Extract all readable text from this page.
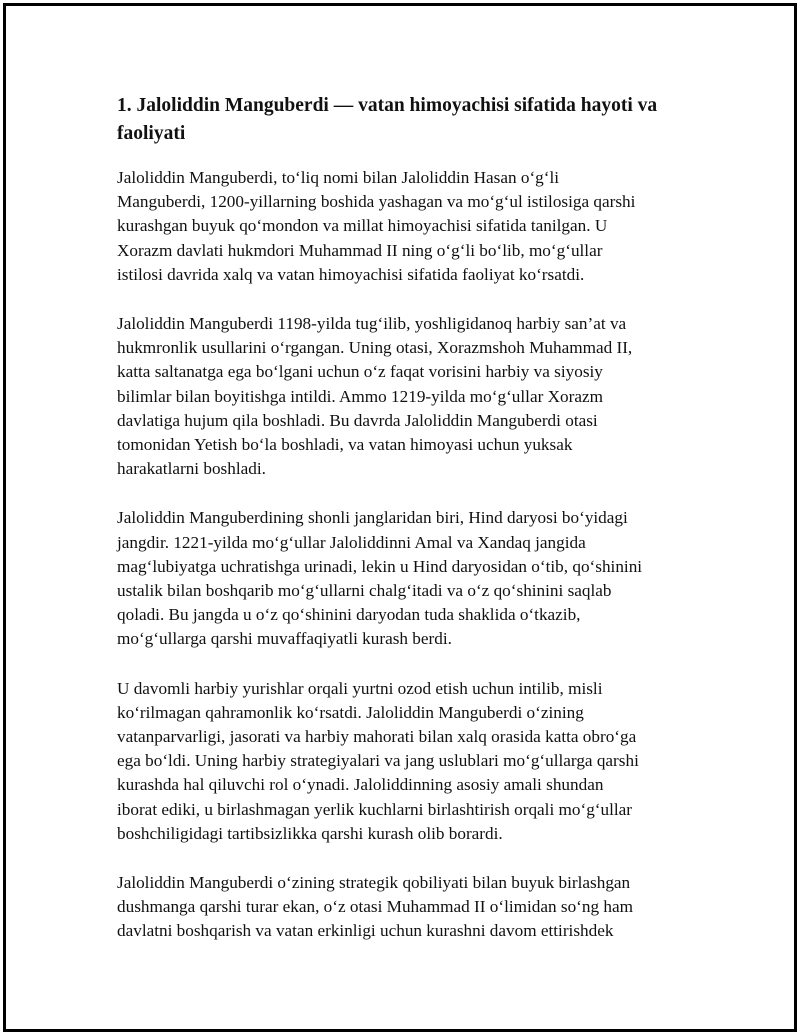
1. Jaloliddin Manguberdi — vatan himoyachisi sifatida hayoti va faoliyati

Jaloliddin Manguberdi, to‘liq nomi bilan Jaloliddin Hasan o‘g‘li
Manguberdi, 1200-yillarning boshida yashagan va mo‘g‘ul istilosiga qarshi
kurashgan buyuk qo‘mondon va millat himoyachisi sifatida tanilgan. U
Xorazm davlati hukmdori Muhammad II ning o‘g‘li bo‘lib, mo‘g‘ullar
istilosi davrida xalq va vatan himoyachisi sifatida faoliyat ko‘rsatdi.

Jaloliddin Manguberdi 1198-yilda tug‘ilib, yoshligidanoq harbiy san’at va
hukmronlik usullarini o‘rgangan. Uning otasi, Xorazmshoh Muhammad II,
katta saltanatga ega bo‘lgani uchun o‘z faqat vorisini harbiy va siyosiy
bilimlar bilan boyitishga intildi. Ammo 1219-yilda mo‘g‘ullar Xorazm
davlatiga hujum qila boshladi. Bu davrda Jaloliddin Manguberdi otasi
tomonidan Yetish bo‘la boshladi, va vatan himoyasi uchun yuksak
harakatlarni boshladi.

Jaloliddin Manguberdining shonli janglaridan biri, Hind daryosi bo‘yidagi
jangdir. 1221-yilda mo‘g‘ullar Jaloliddinni Amal va Xandaq jangida
mag‘lubiyatga uchratishga urinadi, lekin u Hind daryosidan o‘tib, qo‘shinini
ustalik bilan boshqarib mo‘g‘ullarni chalg‘itadi va o‘z qo‘shinini saqlab
qoladi. Bu jangda u o‘z qo‘shinini daryodan tuda shaklida o‘tkazib,
mo‘g‘ullarga qarshi muvaffaqiyatli kurash berdi.

U davomli harbiy yurishlar orqali yurtni ozod etish uchun intilib, misli
ko‘rilmagan qahramonlik ko‘rsatdi. Jaloliddin Manguberdi o‘zining
vatanparvarligi, jasorati va harbiy mahorati bilan xalq orasida katta obro‘ga
ega bo‘ldi. Uning harbiy strategiyalari va jang uslublari mo‘g‘ullarga qarshi
kurashda hal qiluvchi rol o‘ynadi. Jaloliddinning asosiy amali shundan
iborat ediki, u birlashmagan yerlik kuchlarni birlashtirish orqali mo‘g‘ullar
boshchiligidagi tartibsizlikka qarshi kurash olib borardi.

Jaloliddin Manguberdi o‘zining strategik qobiliyati bilan buyuk birlashgan
dushmanga qarshi turar ekan, o‘z otasi Muhammad II o‘limidan so‘ng ham
davlatni boshqarish va vatan erkinligi uchun kurashni davom ettirishdek
